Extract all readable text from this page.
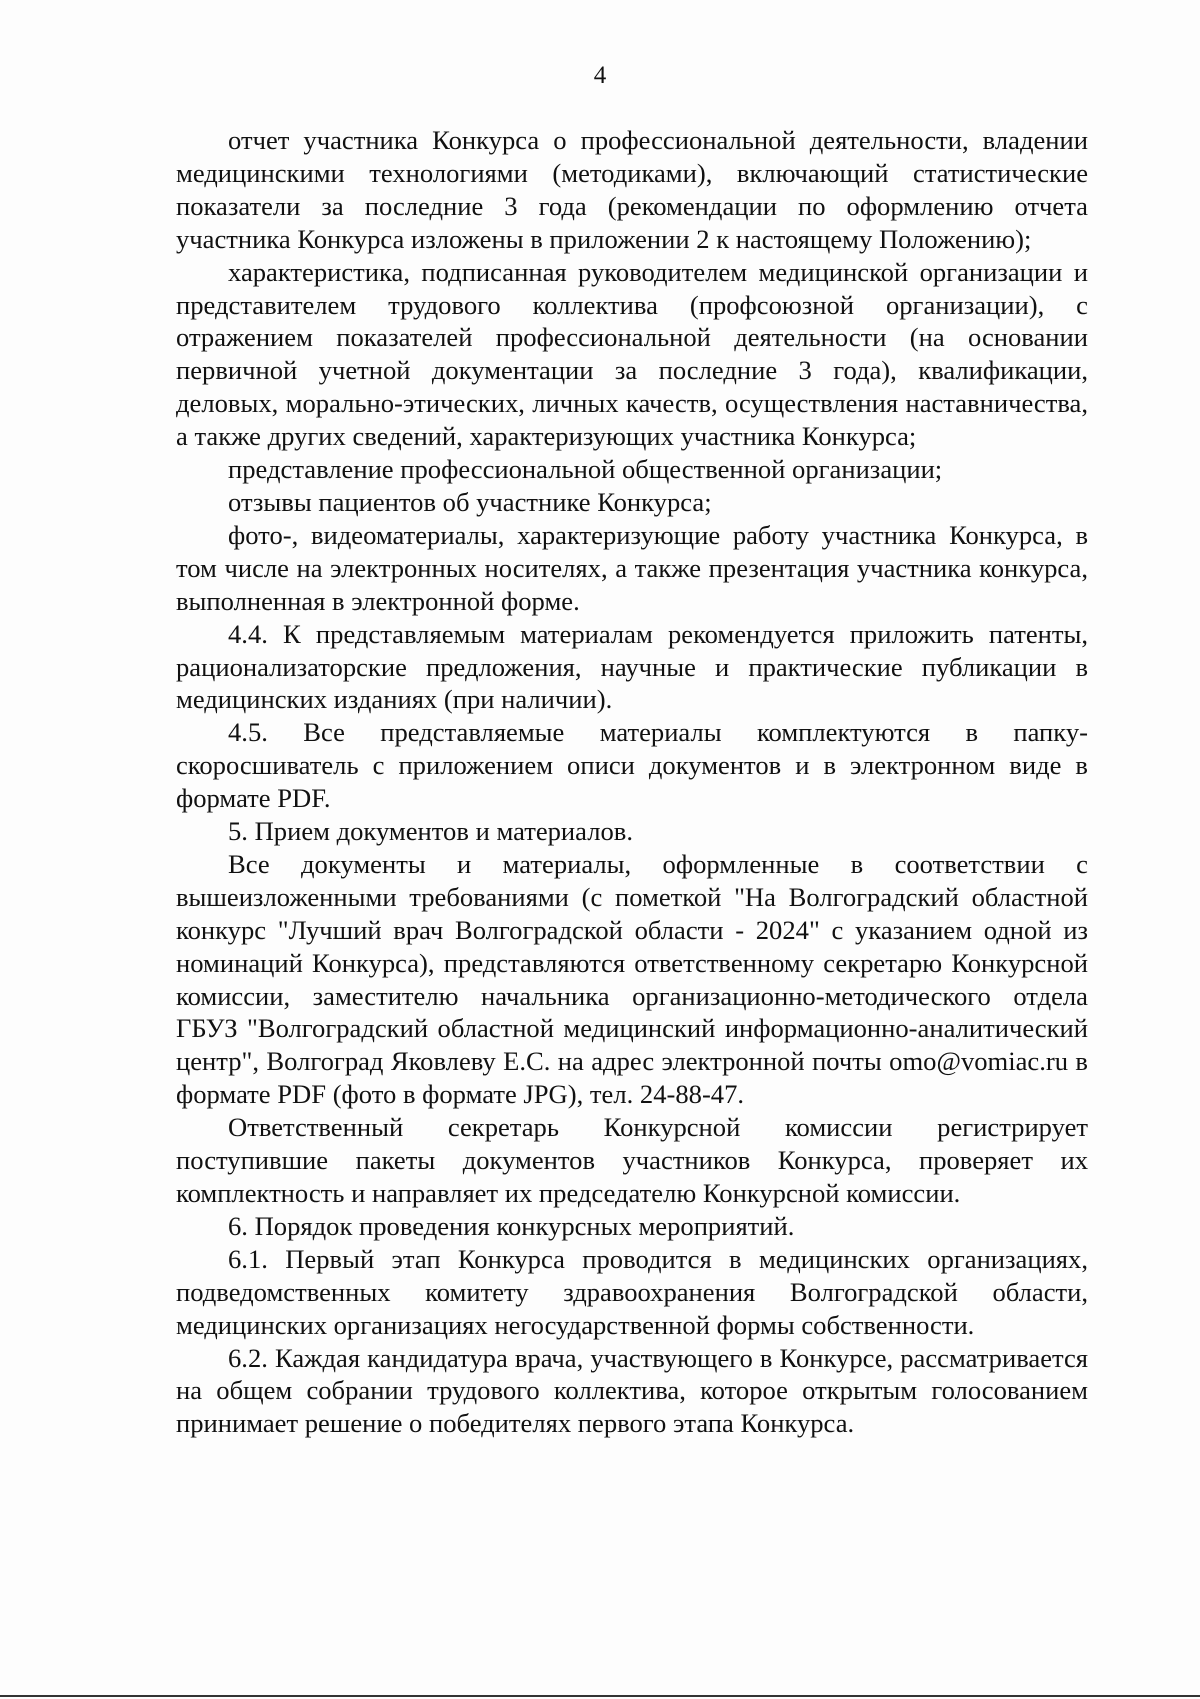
4

отчет участника Конкурса о профессиональной деятельности, владении медицинскими технологиями (методиками), включающий статистические показатели за последние 3 года (рекомендации по оформлению отчета участника Конкурса изложены в приложении 2 к настоящему Положению);

характеристика, подписанная руководителем медицинской организации и представителем трудового коллектива (профсоюзной организации), с отражением показателей профессиональной деятельности (на основании первичной учетной документации за последние 3 года), квалификации, деловых, морально-этических, личных качеств, осуществления наставничества, а также других сведений, характеризующих участника Конкурса;

представление профессиональной общественной организации;

отзывы пациентов об участнике Конкурса;

фото-, видеоматериалы, характеризующие работу участника Конкурса, в том числе на электронных носителях, а также презентация участника конкурса, выполненная в электронной форме.

4.4. К представляемым материалам рекомендуется приложить патенты, рационализаторские предложения, научные и практические публикации в медицинских изданиях (при наличии).

4.5. Все представляемые материалы комплектуются в папку-скоросшиватель с приложением описи документов и в электронном виде в формате PDF.

5. Прием документов и материалов.

Все документы и материалы, оформленные в соответствии с вышеизложенными требованиями (с пометкой "На Волгоградский областной конкурс "Лучший врач Волгоградской области - 2024" с указанием одной из номинаций Конкурса), представляются ответственному секретарю Конкурсной комиссии, заместителю начальника организационно-методического отдела ГБУЗ "Волгоградский областной медицинский информационно-аналитический центр", Волгоград Яковлеву Е.С. на адрес электронной почты omo@vomiac.ru в формате PDF (фото в формате JPG), тел. 24-88-47.

Ответственный секретарь Конкурсной комиссии регистрирует поступившие пакеты документов участников Конкурса, проверяет их комплектность и направляет их председателю Конкурсной комиссии.

6. Порядок проведения конкурсных мероприятий.

6.1. Первый этап Конкурса проводится в медицинских организациях, подведомственных комитету здравоохранения Волгоградской области, медицинских организациях негосударственной формы собственности.

6.2. Каждая кандидатура врача, участвующего в Конкурсе, рассматривается на общем собрании трудового коллектива, которое открытым голосованием принимает решение о победителях первого этапа Конкурса.
